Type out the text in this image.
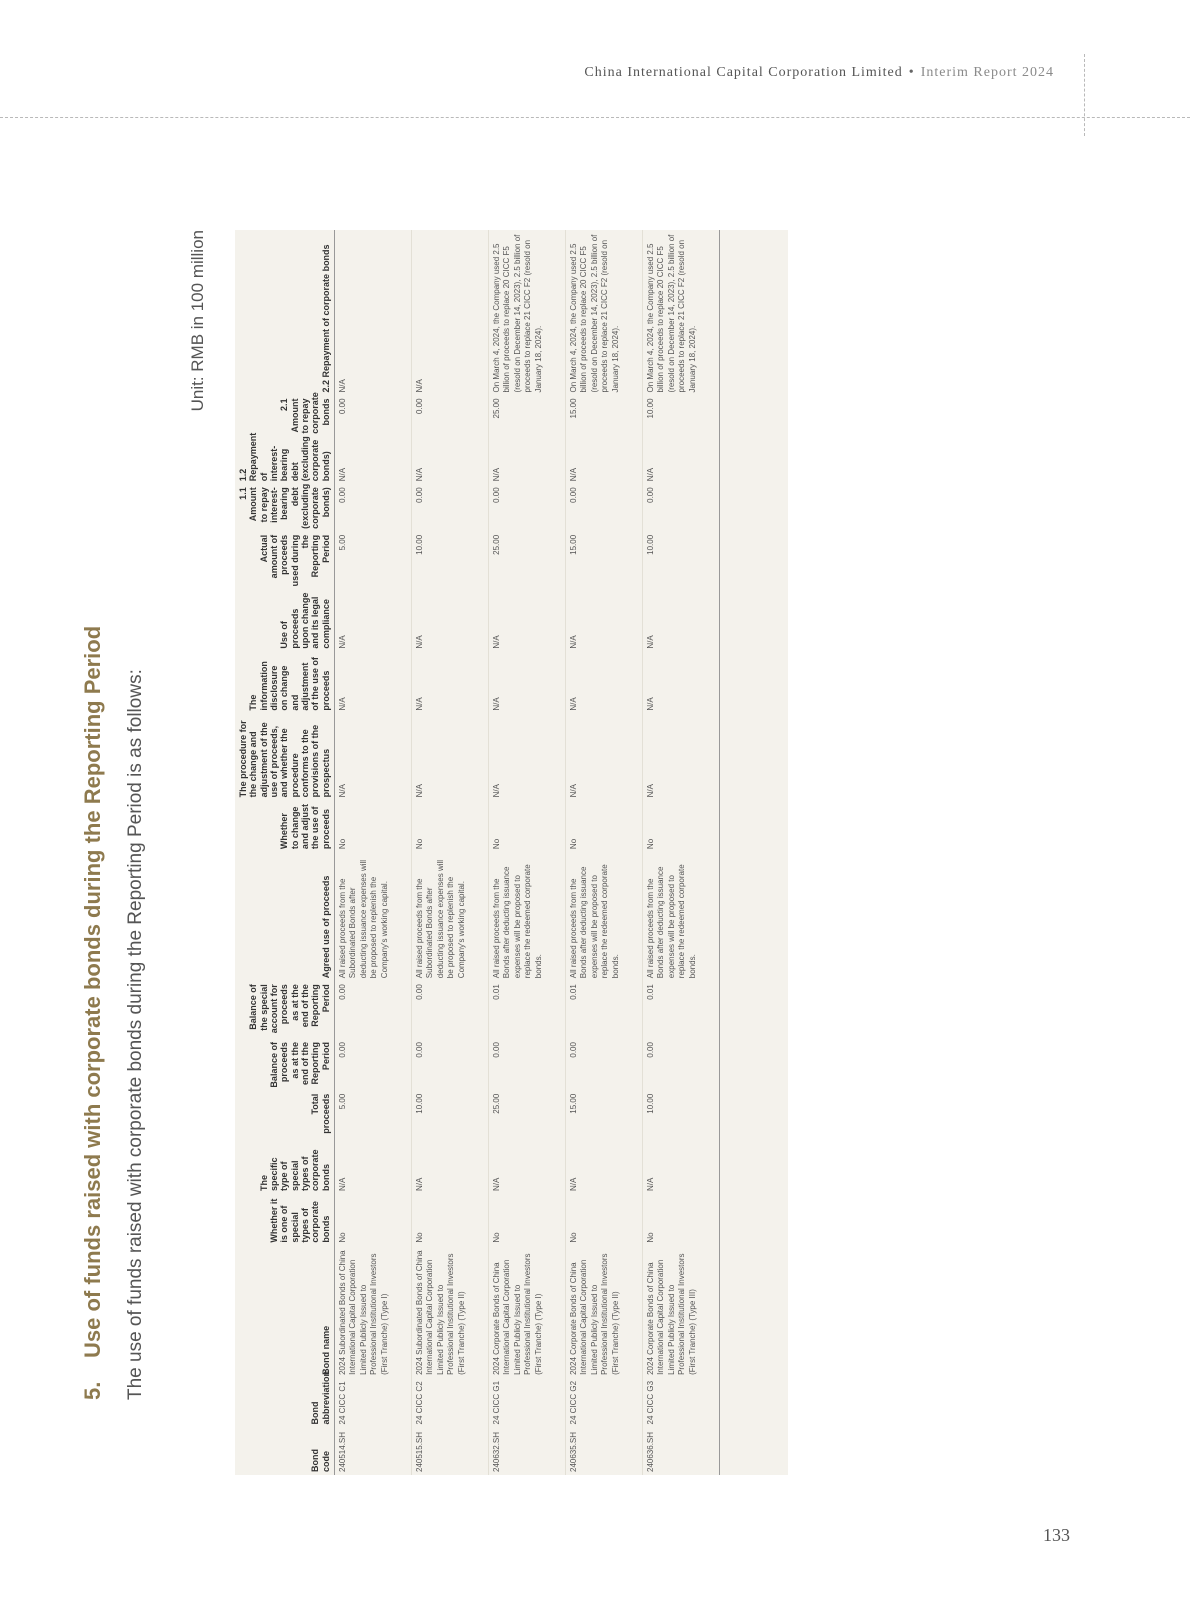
China International Capital Corporation Limited • Interim Report 2024
5.Use of funds raised with corporate bonds during the Reporting Period The use of funds raised with corporate bonds during the Reporting Period is as follows:
Unit: RMB in 100 million
Bond code	Bond abbreviation	Bond name	Whether it is one of special types of corporate bonds	The specific type of special types of corporate bonds	Total proceeds	Balance of proceeds as at the end of the Reporting Period	Balance of the special account for proceeds as at the end of the Reporting Period	Agreed use of proceeds	Whether to change and adjust the use of proceeds	The procedure for the change and adjustment of the use of proceeds, and whether the procedure conforms to the provisions of the prospectus	The information disclosure on change and adjustment of the use of proceeds	Use of proceeds upon change and its legal compliance	Actual amount of proceeds used during the Reporting Period	1.1 Amount to repay interest-bearing debt (excluding corporate bonds)	1.2 Repayment of interest-bearing debt (excluding corporate bonds)	2.1 Amount to repay corporate bonds	2.2 Repayment of corporate bonds
240514.SH	24 CICC C1	2024 Subordinated Bonds of China International Capital Corporation Limited Publicly Issued to Professional Institutional Investors (First Tranche) (Type I)	No	N/A	5.00	0.00	0.00	All raised proceeds from the Subordinated Bonds after deducting issuance expenses will be proposed to replenish the Company's working capital.	No	N/A	N/A	N/A	5.00	0.00	N/A	0.00	N/A
240515.SH	24 CICC C2	2024 Subordinated Bonds of China International Capital Corporation Limited Publicly Issued to Professional Institutional Investors (First Tranche) (Type II)	No	N/A	10.00	0.00	0.00	All raised proceeds from the Subordinated Bonds after deducting issuance expenses will be proposed to replenish the Company's working capital.	No	N/A	N/A	N/A	10.00	0.00	N/A	0.00	N/A
240632.SH	24 CICC G1	2024 Corporate Bonds of China International Capital Corporation Limited Publicly Issued to Professional Institutional Investors (First Tranche) (Type I)	No	N/A	25.00	0.00	0.01	All raised proceeds from the Bonds after deducting issuance expenses will be proposed to replace the redeemed corporate bonds.	No	N/A	N/A	N/A	25.00	0.00	N/A	25.00	On March 4, 2024, the Company used 2.5 billion of proceeds to replace 20 CICC F5 (resold on December 14, 2023), 2.5 billion of proceeds to replace 21 CICC F2 (resold on January 18, 2024).
240635.SH	24 CICC G2	2024 Corporate Bonds of China International Capital Corporation Limited Publicly Issued to Professional Institutional Investors (First Tranche) (Type II)	No	N/A	15.00	0.00	0.01	All raised proceeds from the Bonds after deducting issuance expenses will be proposed to replace the redeemed corporate bonds.	No	N/A	N/A	N/A	15.00	0.00	N/A	15.00	On March 4, 2024, the Company used 2.5 billion of proceeds to replace 20 CICC F5 (resold on December 14, 2023), 2.5 billion of proceeds to replace 21 CICC F2 (resold on January 18, 2024).
240636.SH	24 CICC G3	2024 Corporate Bonds of China International Capital Corporation Limited Publicly Issued to Professional Institutional Investors (First Tranche) (Type III)	No	N/A	10.00	0.00	0.01	All raised proceeds from the Bonds after deducting issuance expenses will be proposed to replace the redeemed corporate bonds.	No	N/A	N/A	N/A	10.00	0.00	N/A	10.00	On March 4, 2024, the Company used 2.5 billion of proceeds to replace 20 CICC F5 (resold on December 14, 2023), 2.5 billion of proceeds to replace 21 CICC F2 (resold on January 18, 2024).
133
